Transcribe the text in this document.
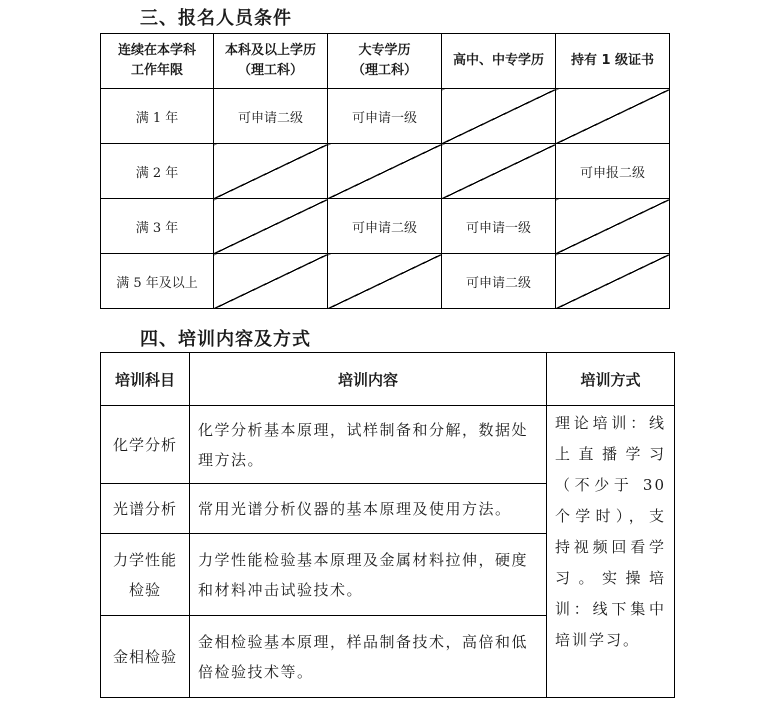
三、报名人员条件
连续在本学科工作年限	本科及以上学历（理工科）	大专学历（理工科）	高中、中专学历	持有 1 级证书
满 1 年	可申请二级	可申请一级		
满 2 年				可申报二级
满 3 年		可申请二级	可申请一级	
满 5 年及以上			可申请二级	
四、培训内容及方式
培训科目	培训内容	培训方式
化学分析	化学分析基本原理，试样制备和分解，数据处理方法。	理论培训：线上直播学习（不少于 30 个学时），支持视频回看学习。实操培训：线下集中培训学习。
光谱分析	常用光谱分析仪器的基本原理及使用方法。	

力学性能检验	力学性能检验基本原理及金属材料拉伸，硬度和材料冲击试验技术。	
金相检验	金相检验基本原理，样品制备技术，高倍和低倍检验技术等。	
